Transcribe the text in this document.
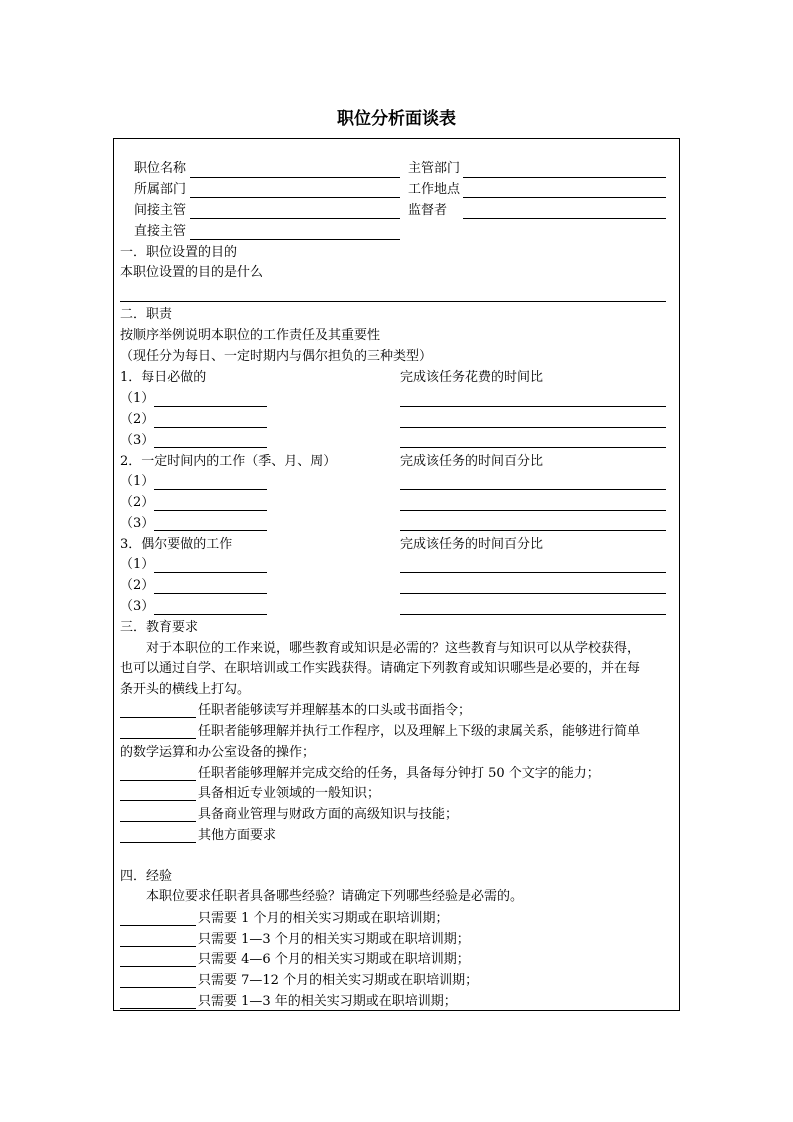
职位分析面谈表
职位名称	主管部门
所属部门	工作地点
间接主管	监督者
直接主管
一．职位设置的目的
本职位设置的目的是什么
二．职责
按顺序举例说明本职位的工作责任及其重要性
（现任分为每日、一定时期内与偶尔担负的三种类型）
1．每日必做的	完成该任务花费的时间比
（1）
（2）
（3）
2．一定时间内的工作（季、月、周）	完成该任务的时间百分比
（1）
（2）
（3）
3．偶尔要做的工作	完成该任务的时间百分比
（1）
（2）
（3）
三．教育要求
对于本职位的工作来说，哪些教育或知识是必需的？这些教育与知识可以从学校获得，
也可以通过自学、在职培训或工作实践获得。请确定下列教育或知识哪些是必要的，并在每
条开头的横线上打勾。
任职者能够读写并理解基本的口头或书面指令；
任职者能够理解并执行工作程序，以及理解上下级的隶属关系，能够进行简单
的数学运算和办公室设备的操作；
任职者能够理解并完成交给的任务，具备每分钟打 50 个文字的能力；
具备相近专业领域的一般知识；
具备商业管理与财政方面的高级知识与技能；
其他方面要求
四．经验
本职位要求任职者具备哪些经验？请确定下列哪些经验是必需的。
只需要 1 个月的相关实习期或在职培训期；
只需要 1—3 个月的相关实习期或在职培训期；
只需要 4—6 个月的相关实习期或在职培训期；
只需要 7—12 个月的相关实习期或在职培训期；
只需要 1—3 年的相关实习期或在职培训期；
